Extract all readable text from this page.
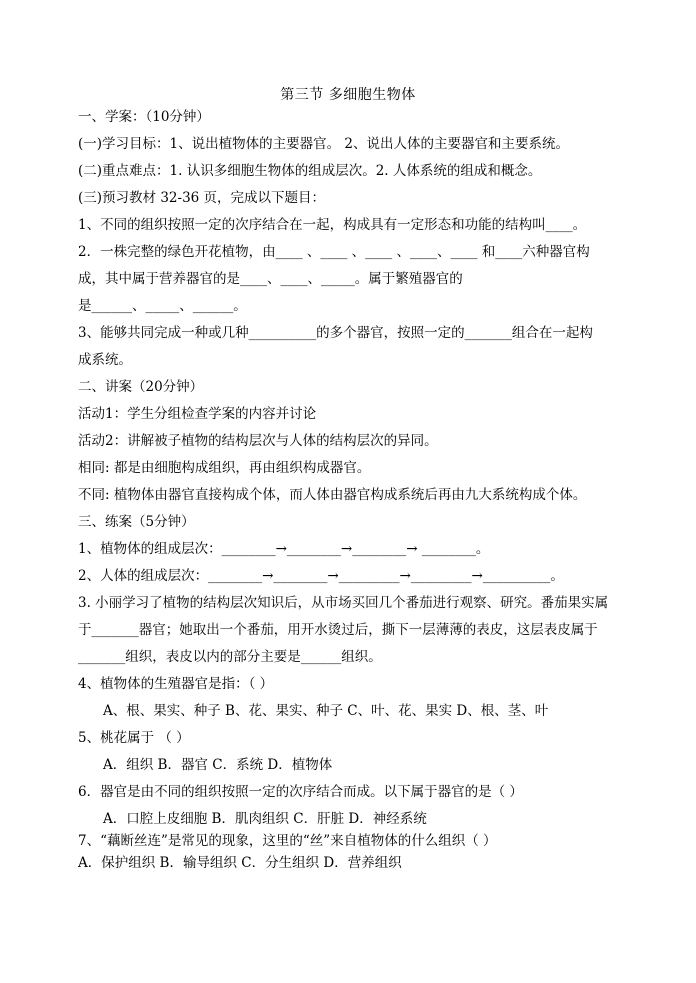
第三节 多细胞生物体
一、学案：（10分钟）
(一)学习目标：1、说出植物体的主要器官。 2、说出人体的主要器官和主要系统。
(二)重点难点：1. 认识多细胞生物体的组成层次。2. 人体系统的组成和概念。
(三)预习教材 32-36 页，完成以下题目：
1、不同的组织按照一定的次序结合在一起，构成具有一定形态和功能的结构叫____。
2．一株完整的绿色开花植物，由____ 、____ 、____ 、____、____ 和____六种器官构
成，其中属于营养器官的是____、____、_____。属于繁殖器官的
是______、_____、______。
3、能够共同完成一种或几种__________的多个器官，按照一定的_______组合在一起构
成系统。
二、讲案（20分钟）
活动1：学生分组检查学案的内容并讨论
活动2：讲解被子植物的结构层次与人体的结构层次的异同。
相同: 都是由细胞构成组织，再由组织构成器官。
不同: 植物体由器官直接构成个体，而人体由器官构成系统后再由九大系统构成个体。
三、练案（5分钟）
1、植物体的组成层次：________→________→________→ ________。
2、人体的组成层次：________→________→_________→_________→__________。
3. 小丽学习了植物的结构层次知识后，从市场买回几个番茄进行观察、研究。番茄果实属
于_______器官；她取出一个番茄，用开水烫过后，撕下一层薄薄的表皮，这层表皮属于
_______组织，表皮以内的部分主要是______组织。
4、植物体的生殖器官是指：（ ）
A、根、果实、种子 B、花、果实、种子 C、叶、花、果实 D、根、茎、叶
5、桃花属于 （ ）
A．组织 B．器官 C．系统 D．植物体
6．器官是由不同的组织按照一定的次序结合而成。以下属于器官的是（ ）
A．口腔上皮细胞 B．肌肉组织 C．肝脏 D．神经系统
7、“藕断丝连”是常见的现象，这里的“丝”来自植物体的什么组织（ ）
A．保护组织 B．输导组织 C．分生组织 D．营养组织
